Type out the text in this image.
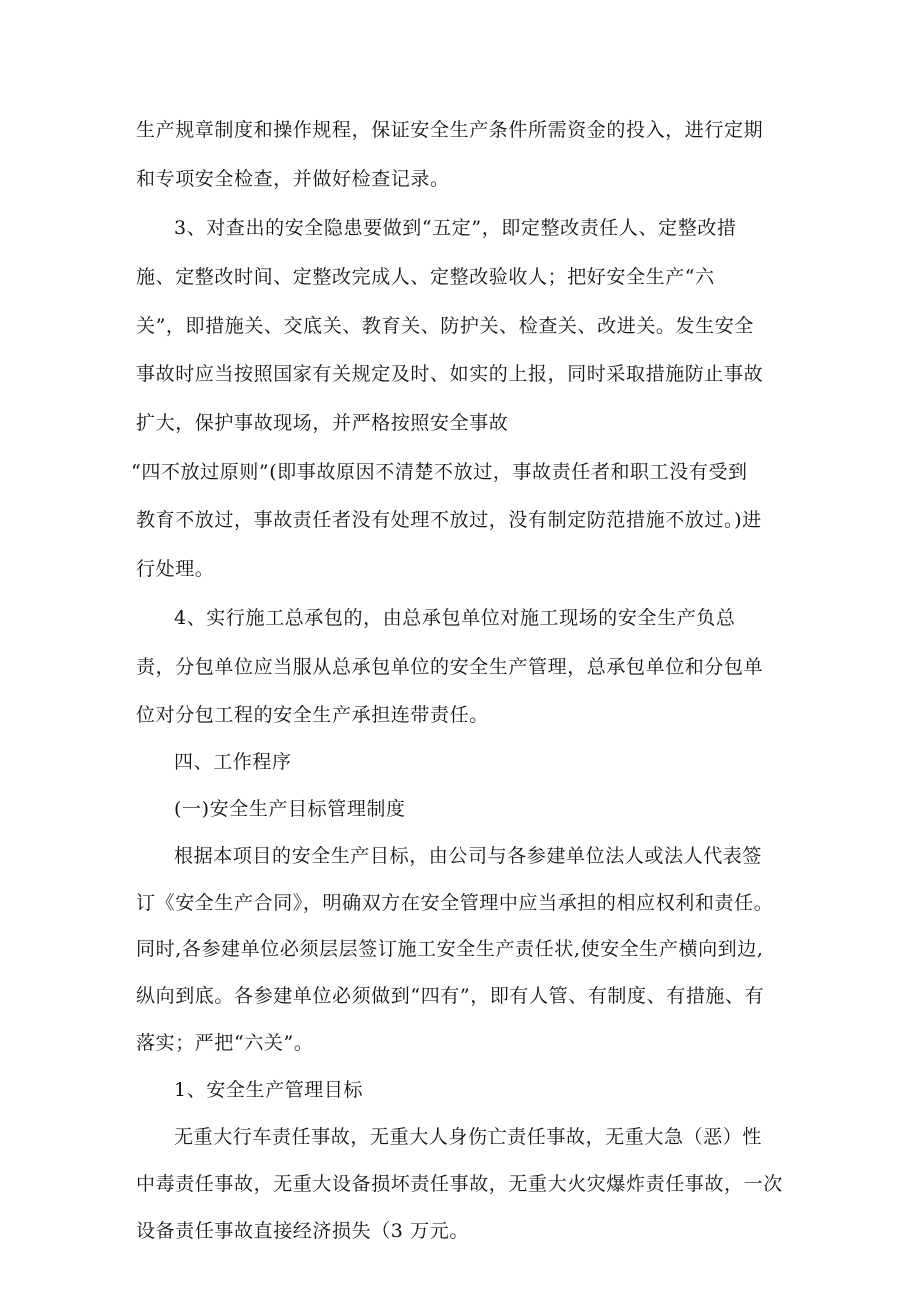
生产规章制度和操作规程，保证安全生产条件所需资金的投入，进行定期
和专项安全检查，并做好检查记录。
3、对查出的安全隐患要做到“五定”，即定整改责任人、定整改措
施、定整改时间、定整改完成人、定整改验收人；把好安全生产“六
关”，即措施关、交底关、教育关、防护关、检查关、改进关。发生安全
事故时应当按照国家有关规定及时、如实的上报，同时采取措施防止事故
扩大，保护事故现场，并严格按照安全事故
“四不放过原则”(即事故原因不清楚不放过，事故责任者和职工没有受到
教育不放过，事故责任者没有处理不放过，没有制定防范措施不放过。)进
行处理。
4、实行施工总承包的，由总承包单位对施工现场的安全生产负总
责，分包单位应当服从总承包单位的安全生产管理，总承包单位和分包单
位对分包工程的安全生产承担连带责任。
四、工作程序
(一)安全生产目标管理制度
根据本项目的安全生产目标，由公司与各参建单位法人或法人代表签
订《安全生产合同》，明确双方在安全管理中应当承担的相应权利和责任。
同时,各参建单位必须层层签订施工安全生产责任状,使安全生产横向到边,
纵向到底。各参建单位必须做到“四有”，即有人管、有制度、有措施、有
落实；严把“六关”。
1、安全生产管理目标
无重大行车责任事故，无重大人身伤亡责任事故，无重大急（恶）性
中毒责任事故，无重大设备损坏责任事故，无重大火灾爆炸责任事故，一次
设备责任事故直接经济损失（3 万元。
